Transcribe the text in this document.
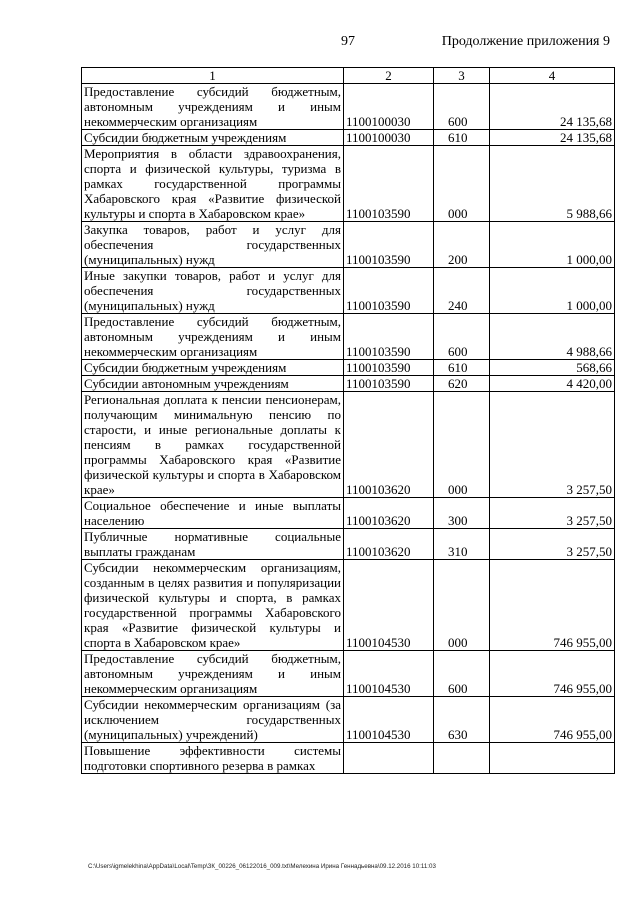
97	Продолжение приложения 9
1	2	3	4
Предоставление субсидий бюджетным, автономным учреждениям и иным некоммерческим организациям	1100100030	600	24 135,68
Субсидии бюджетным учреждениям	1100100030	610	24 135,68
Мероприятия в области здравоохранения, спорта и физической культуры, туризма в рамках государственной программы Хабаровского края «Развитие физической культуры и спорта в Хабаровском крае»	1100103590	000	5 988,66
Закупка товаров, работ и услуг для обеспечения государственных (муниципальных) нужд	1100103590	200	1 000,00
Иные закупки товаров, работ и услуг для обеспечения государственных (муниципальных) нужд	1100103590	240	1 000,00
Предоставление субсидий бюджетным, автономным учреждениям и иным некоммерческим организациям	1100103590	600	4 988,66
Субсидии бюджетным учреждениям	1100103590	610	568,66
Субсидии автономным учреждениям	1100103590	620	4 420,00
Региональная доплата к пенсии пенсионерам, получающим минимальную пенсию по старости, и иные региональные доплаты к пенсиям в рамках государственной программы Хабаровского края «Развитие физической культуры и спорта в Хабаровском крае»	1100103620	000	3 257,50
Социальное обеспечение и иные выплаты населению	1100103620	300	3 257,50
Публичные нормативные социальные выплаты гражданам	1100103620	310	3 257,50
Субсидии некоммерческим организациям, созданным в целях развития и популяризации физической культуры и спорта, в рамках государственной программы Хабаровского края «Развитие физической культуры и спорта в Хабаровском крае»	1100104530	000	746 955,00
Предоставление субсидий бюджетным, автономным учреждениям и иным некоммерческим организациям	1100104530	600	746 955,00
Субсидии некоммерческим организациям (за исключением государственных (муниципальных) учреждений)	1100104530	630	746 955,00
Повышение эффективности системы подготовки спортивного резерва в рамках			
C:\Users\igmelekhina\AppData\Local\Temp\ЗК_00226_06122016_009.txt\Мелехина Ирина Геннадьевна\09.12.2016 10:11:03
